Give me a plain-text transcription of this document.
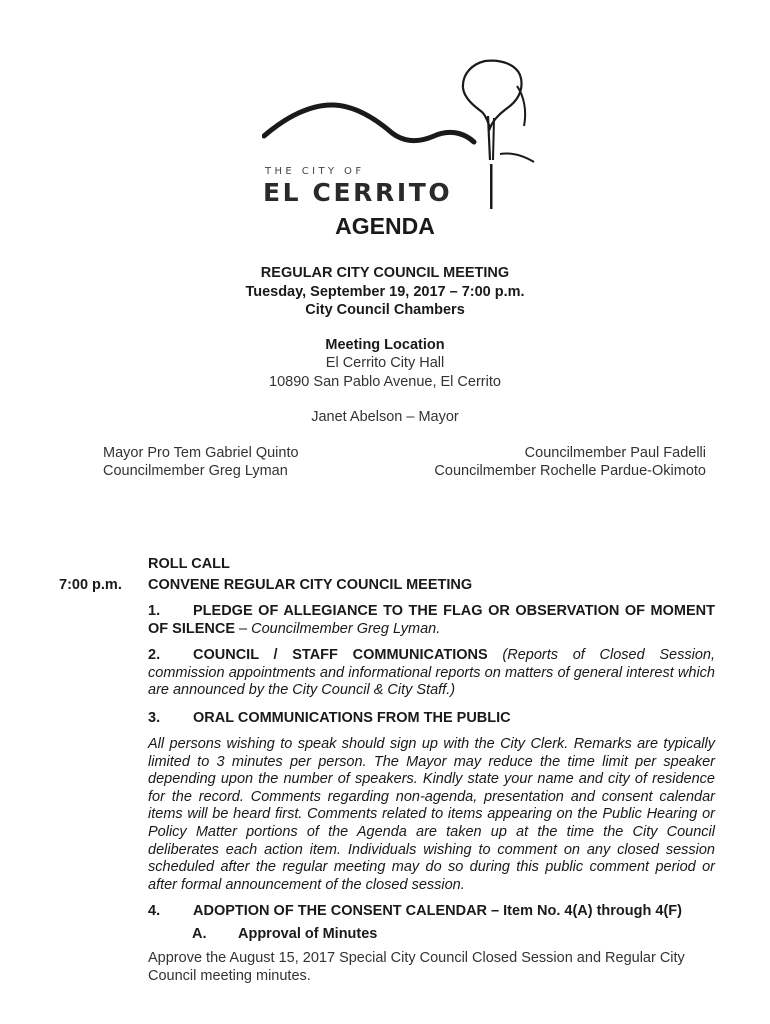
THE CITY OF
EL CERRITO
AGENDA
REGULAR CITY COUNCIL MEETING
Tuesday, September 19, 2017 – 7:00 p.m.
City Council Chambers
Meeting Location
El Cerrito City Hall
10890 San Pablo Avenue, El Cerrito
Janet Abelson – Mayor
Mayor Pro Tem Gabriel Quinto
Councilmember Greg Lyman
Councilmember Paul Fadelli
Councilmember Rochelle Pardue-Okimoto
ROLL CALL
7:00 p.m. CONVENE REGULAR CITY COUNCIL MEETING
1. PLEDGE OF ALLEGIANCE TO THE FLAG OR OBSERVATION OF MOMENT OF SILENCE – Councilmember Greg Lyman.
2. COUNCIL / STAFF COMMUNICATIONS (Reports of Closed Session, commission appointments and informational reports on matters of general interest which are announced by the City Council & City Staff.)
3. ORAL COMMUNICATIONS FROM THE PUBLIC
All persons wishing to speak should sign up with the City Clerk. Remarks are typically limited to 3 minutes per person. The Mayor may reduce the time limit per speaker depending upon the number of speakers. Kindly state your name and city of residence for the record. Comments regarding non-agenda, presentation and consent calendar items will be heard first. Comments related to items appearing on the Public Hearing or Policy Matter portions of the Agenda are taken up at the time the City Council deliberates each action item. Individuals wishing to comment on any closed session scheduled after the regular meeting may do so during this public comment period or after formal announcement of the closed session.
4. ADOPTION OF THE CONSENT CALENDAR – Item No. 4(A) through 4(F)
A. Approval of Minutes
Approve the August 15, 2017 Special City Council Closed Session and Regular City Council meeting minutes.
